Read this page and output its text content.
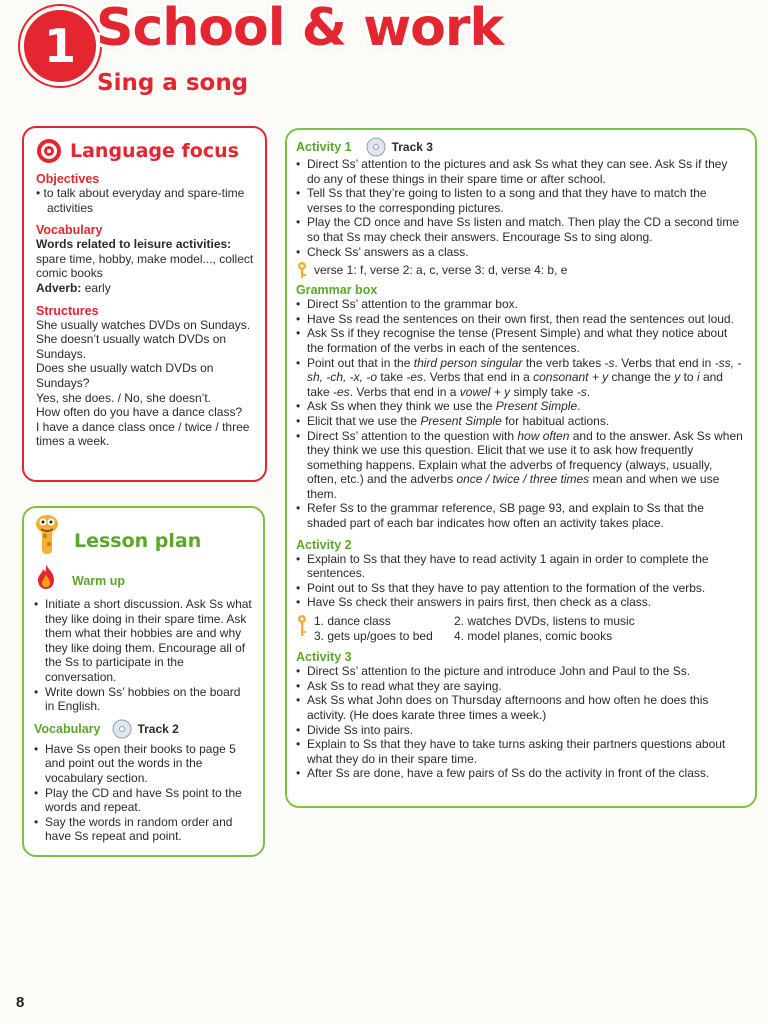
1 School & work
Sing a song
Language focus
Objectives
• to talk about everyday and spare-time activities
Vocabulary
Words related to leisure activities:
spare time, hobby, make model..., collect comic books
Adverb: early
Structures
She usually watches DVDs on Sundays.
She doesn’t usually watch DVDs on Sundays.
Does she usually watch DVDs on Sundays?
Yes, she does. / No, she doesn’t.
How often do you have a dance class?
I have a dance class once / twice / three times a week.
Lesson plan
Warm up
• Initiate a short discussion. Ask Ss what they like doing in their spare time. Ask them what their hobbies are and why they like doing them. Encourage all of the Ss to participate in the conversation.
• Write down Ss’ hobbies on the board in English.
Vocabulary	Track 2
• Have Ss open their books to page 5 and point out the words in the vocabulary section.
• Play the CD and have Ss point to the words and repeat.
• Say the words in random order and have Ss repeat and point.
Activity 1	Track 3
• Direct Ss’ attention to the pictures and ask Ss what they can see. Ask Ss if they do any of these things in their spare time or after school.
• Tell Ss that they’re going to listen to a song and that they have to match the verses to the corresponding pictures.
• Play the CD once and have Ss listen and match. Then play the CD a second time so that Ss may check their answers. Encourage Ss to sing along.
• Check Ss’ answers as a class.
verse 1: f, verse 2: a, c, verse 3: d, verse 4: b, e
Grammar box
• Direct Ss’ attention to the grammar box.
• Have Ss read the sentences on their own first, then read the sentences out loud.
• Ask Ss if they recognise the tense (Present Simple) and what they notice about the formation of the verbs in each of the sentences.
• Point out that in the third person singular the verb takes -s. Verbs that end in -ss, -sh, -ch, -x, -o take -es. Verbs that end in a consonant + y change the y to i and take -es. Verbs that end in a vowel + y simply take -s.
• Ask Ss when they think we use the Present Simple.
• Elicit that we use the Present Simple for habitual actions.
• Direct Ss’ attention to the question with how often and to the answer. Ask Ss when they think we use this question. Elicit that we use it to ask how frequently something happens. Explain what the adverbs of frequency (always, usually, often, etc.) and the adverbs once / twice / three times mean and when we use them.
• Refer Ss to the grammar reference, SB page 93, and explain to Ss that the shaded part of each bar indicates how often an activity takes place.
Activity 2
• Explain to Ss that they have to read activity 1 again in order to complete the sentences.
• Point out to Ss that they have to pay attention to the formation of the verbs.
• Have Ss check their answers in pairs first, then check as a class.
1. dance class	2. watches DVDs, listens to music
3. gets up/goes to bed	4. model planes, comic books
Activity 3
• Direct Ss’ attention to the picture and introduce John and Paul to the Ss.
• Ask Ss to read what they are saying.
• Ask Ss what John does on Thursday afternoons and how often he does this activity. (He does karate three times a week.)
• Divide Ss into pairs.
• Explain to Ss that they have to take turns asking their partners questions about what they do in their spare time.
• After Ss are done, have a few pairs of Ss do the activity in front of the class.
8
